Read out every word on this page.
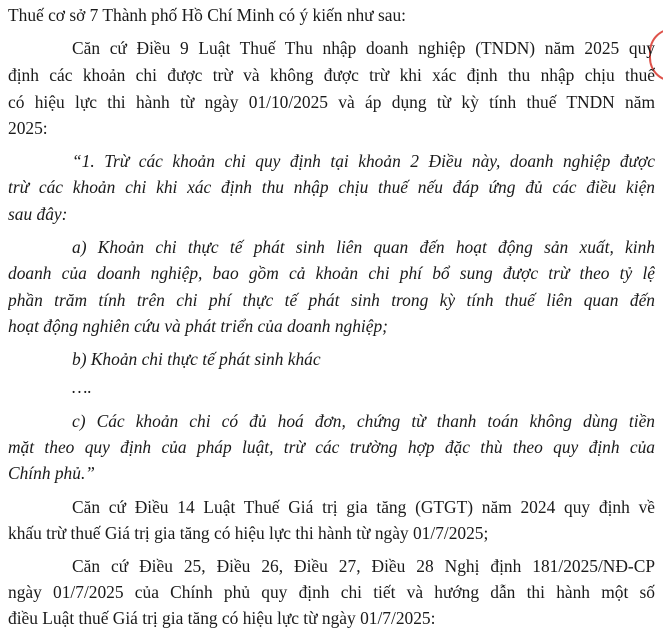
Thuế cơ sở 7 Thành phố Hồ Chí Minh có ý kiến như sau:

Căn cứ Điều 9 Luật Thuế Thu nhập doanh nghiệp (TNDN) năm 2025 quy

định các khoản chi được trừ và không được trừ khi xác định thu nhập chịu thuế

có hiệu lực thi hành từ ngày 01/10/2025 và áp dụng từ kỳ tính thuế TNDN năm

2025:

“1. Trừ các khoản chi quy định tại khoản 2 Điều này, doanh nghiệp được

trừ các khoản chi khi xác định thu nhập chịu thuế nếu đáp ứng đủ các điều kiện

sau đây:

a) Khoản chi thực tế phát sinh liên quan đến hoạt động sản xuất, kinh

doanh của doanh nghiệp, bao gồm cả khoản chi phí bổ sung được trừ theo tỷ lệ

phần trăm tính trên chi phí thực tế phát sinh trong kỳ tính thuế liên quan đến

hoạt động nghiên cứu và phát triển của doanh nghiệp;

b) Khoản chi thực tế phát sinh khác

….

c) Các khoản chi có đủ hoá đơn, chứng từ thanh toán không dùng tiền

mặt theo quy định của pháp luật, trừ các trường hợp đặc thù theo quy định của

Chính phủ.”

Căn cứ Điều 14 Luật Thuế Giá trị gia tăng (GTGT) năm 2024 quy định về

khấu trừ thuế Giá trị gia tăng có hiệu lực thi hành từ ngày 01/7/2025;

Căn cứ Điều 25, Điều 26, Điều 27, Điều 28 Nghị định 181/2025/NĐ-CP

ngày 01/7/2025 của Chính phủ quy định chi tiết và hướng dẫn thi hành một số

điều Luật thuế Giá trị gia tăng có hiệu lực từ ngày 01/7/2025:
